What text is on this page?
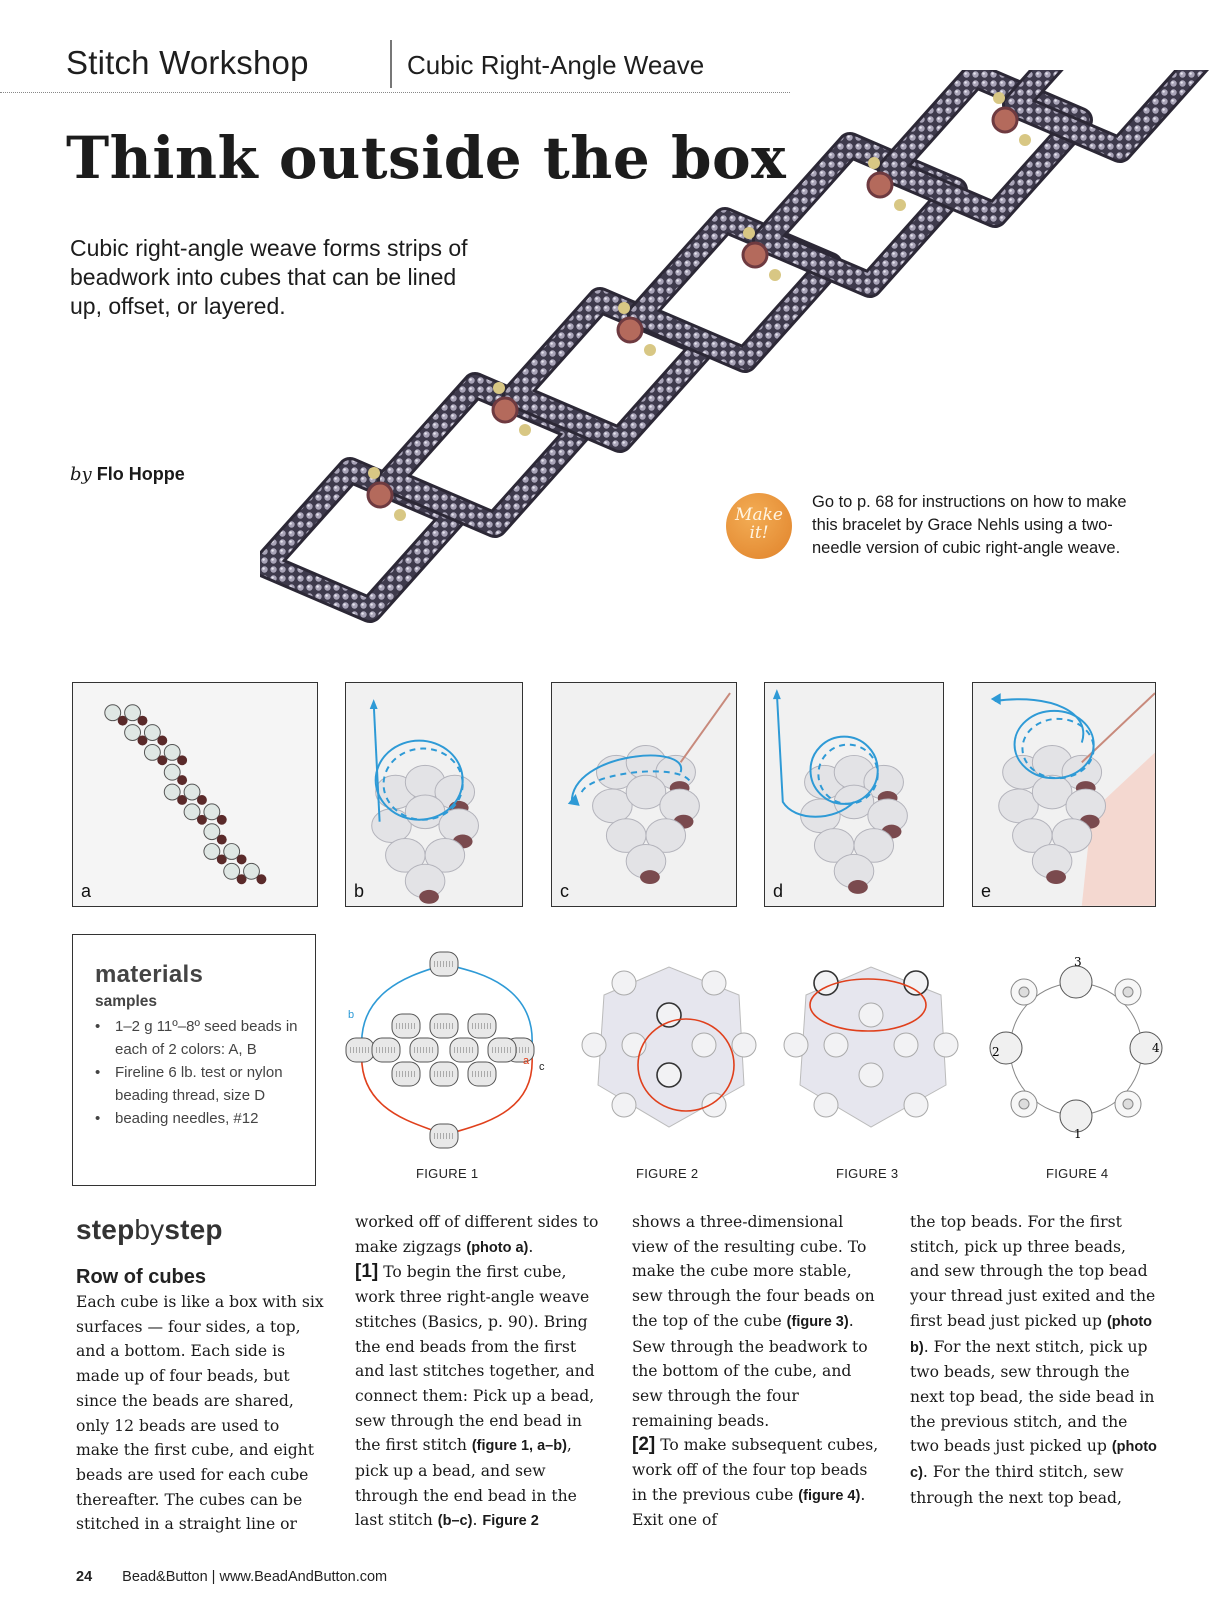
Stitch Workshop	Cubic Right-Angle Weave
Think outside the box

Cubic right-angle weave forms strips of beadwork into cubes that can be lined up, offset, or layered.

by Flo Hoppe
Make
it!

Go to p. 68 for instructions on how to make this bracelet by Grace Nehls using a two-needle version of cubic right-angle weave.

a	b	c	d	e
materials
samples
• 1–2 g 11º–8º seed beads in each of 2 colors: A, B
• Fireline 6 lb. test or nylon beading thread, size D
• beading needles, #12
b
a c
FIGURE 1	FIGURE 2	FIGURE 3
3
2	4
1
FIGURE 4
stepbystep
Row of cubes
Each cube is like a box with six surfaces — four sides, a top, and a bottom. Each side is made up of four beads, but since the beads are shared, only 12 beads are used to make the first cube, and eight beads are used for each cube thereafter. The cubes can be stitched in a straight line or
worked off of different sides to make zigzags (photo a).
[1] To begin the first cube, work three right-angle weave stitches (Basics, p. 90). Bring the end beads from the first and last stitches together, and connect them: Pick up a bead, sew through the end bead in the first stitch (figure 1, a–b), pick up a bead, and sew through the end bead in the last stitch (b–c). Figure 2
shows a three-dimensional view of the resulting cube. To make the cube more stable, sew through the four beads on the top of the cube (figure 3). Sew through the beadwork to the bottom of the cube, and sew through the four remaining beads.
[2] To make subsequent cubes, work off of the four top beads in the previous cube (figure 4). Exit one of
the top beads. For the first stitch, pick up three beads, and sew through the top bead your thread just exited and the first bead just picked up (photo b). For the next stitch, pick up two beads, sew through the next top bead, the side bead in the previous stitch, and the two beads just picked up (photo c). For the third stitch, sew through the next top bead,
24 Bead&Button | www.BeadAndButton.com
